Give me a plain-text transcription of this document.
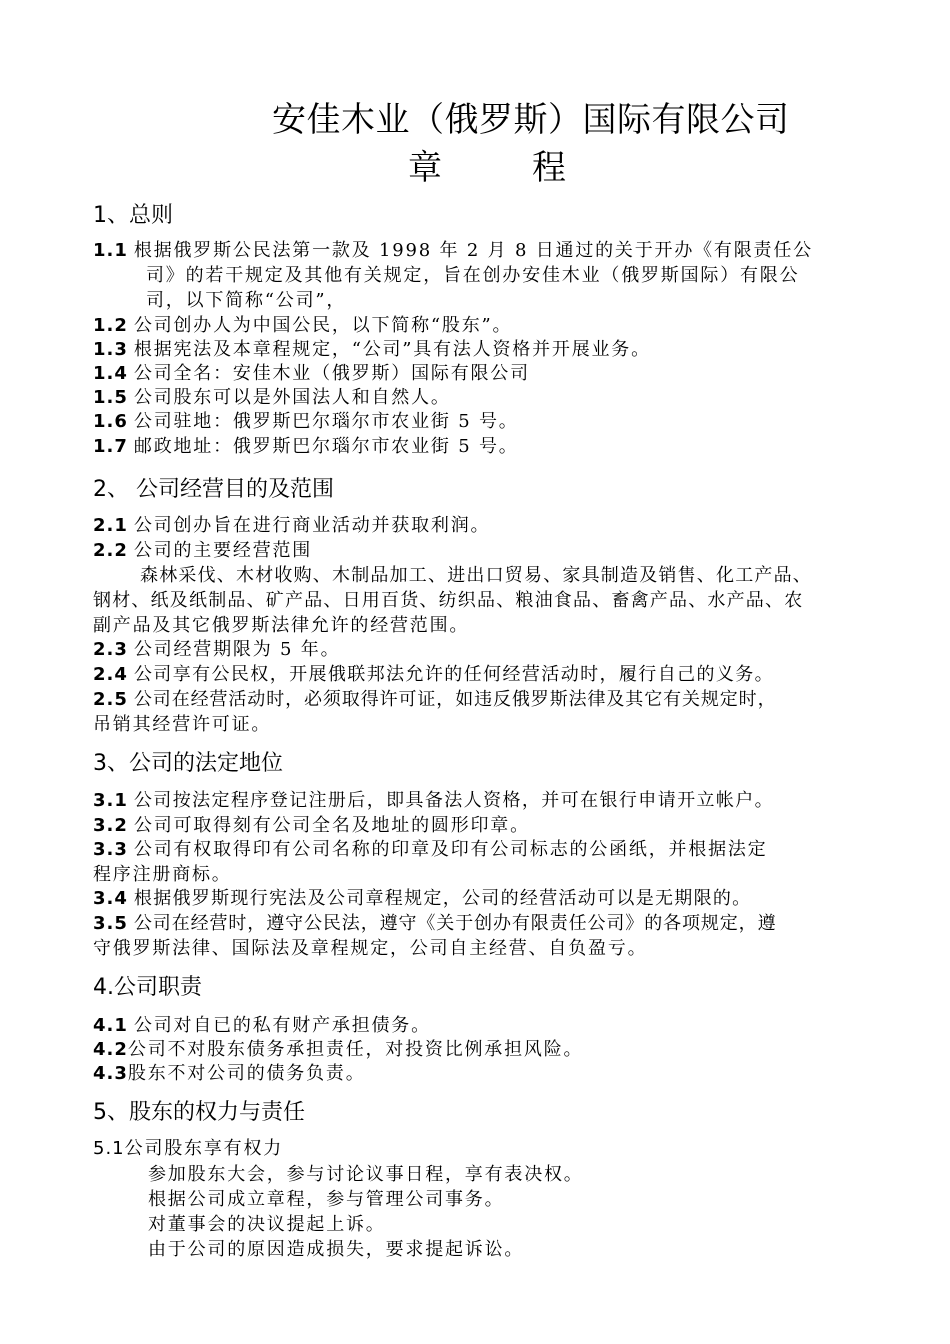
安佳木业（俄罗斯）国际有限公司
章程
1、总则
1.1 根据俄罗斯公民法第一款及 1998 年 2 月 8 日通过的关于开办《有限责任公
司》的若干规定及其他有关规定，旨在创办安佳木业（俄罗斯国际）有限公
司，以下简称“公司”，
1.2 公司创办人为中国公民，以下简称“股东”。
1.3 根据宪法及本章程规定，“公司”具有法人资格并开展业务。
1.4 公司全名：安佳木业（俄罗斯）国际有限公司
1.5 公司股东可以是外国法人和自然人。
1.6 公司驻地：俄罗斯巴尔瑙尔市农业街 5 号。
1.7 邮政地址：俄罗斯巴尔瑙尔市农业街 5 号。
2、 公司经营目的及范围
2.1 公司创办旨在进行商业活动并获取利润。
2.2 公司的主要经营范围
森林采伐、木材收购、木制品加工、进出口贸易、家具制造及销售、化工产品、
钢材、纸及纸制品、矿产品、日用百货、纺织品、粮油食品、畜禽产品、水产品、农
副产品及其它俄罗斯法律允许的经营范围。
2.3 公司经营期限为 5 年。
2.4 公司享有公民权，开展俄联邦法允许的任何经营活动时，履行自己的义务。
2.5 公司在经营活动时，必须取得许可证，如违反俄罗斯法律及其它有关规定时，
吊销其经营许可证。
3、公司的法定地位
3.1 公司按法定程序登记注册后，即具备法人资格，并可在银行申请开立帐户。
3.2 公司可取得刻有公司全名及地址的圆形印章。
3.3 公司有权取得印有公司名称的印章及印有公司标志的公函纸，并根据法定
程序注册商标。
3.4 根据俄罗斯现行宪法及公司章程规定，公司的经营活动可以是无期限的。
3.5 公司在经营时，遵守公民法，遵守《关于创办有限责任公司》的各项规定，遵
守俄罗斯法律、国际法及章程规定，公司自主经营、自负盈亏。
4.公司职责
4.1 公司对自已的私有财产承担债务。
4.2公司不对股东债务承担责任，对投资比例承担风险。
4.3股东不对公司的债务负责。
5、股东的权力与责任
5.1公司股东享有权力
参加股东大会，参与讨论议事日程，享有表决权。
根据公司成立章程，参与管理公司事务。
对董事会的决议提起上诉。
由于公司的原因造成损失，要求提起诉讼。
